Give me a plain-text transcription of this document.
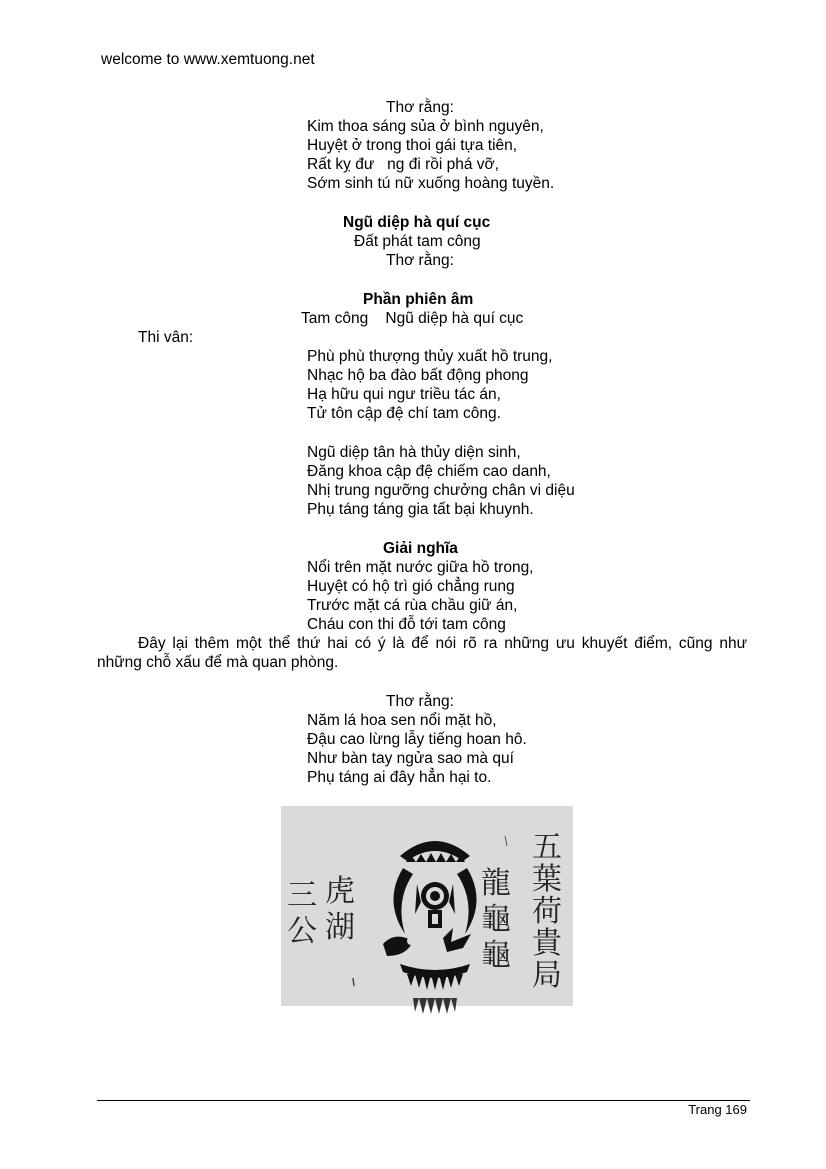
welcome to www.xemtuong.net
Thơ rằng:
Kim thoa sáng sủa ở bình nguyên,
Huyệt ở trong thoi gái tựa tiên,
Rất kỵ đư   ng đi rồi phá vỡ,
Sớm sinh tú nữ xuống hoàng tuyền.
Ngũ diệp hà quí cục
Đất phát tam công
Thơ rằng:
Phần phiên âm
Tam công    Ngũ diệp hà quí cục
Thi vân:
Phù phù thượng thủy xuất hồ trung,
Nhạc hộ ba đào bất động phong
Hạ hữu qui ngư triều tác án,
Tử tôn cập đệ chí tam công.
Ngũ diệp tân hà thủy diện sinh,
Đăng khoa cập đệ chiếm cao danh,
Nhị trung ngưỡng chưởng chân vi diệu
Phụ táng táng gia tất bại khuynh.
Giải nghĩa
Nổi trên mặt nước giữa hồ trong,
Huyệt có hộ trì gió chẳng rung
Trước mặt cá rùa chầu giữ án,
Cháu con thi đỗ tới tam công
Đây lại thêm một thể thứ hai có ý là để nói rõ ra những ưu khuyết điểm, cũng như những chỗ xấu để mà quan phòng.
Thơ rằng:
Năm lá hoa sen nổi mặt hồ,
Đậu cao lừng lẫy tiếng hoan hô.
Như bàn tay ngửa sao mà quí
Phụ táng ai đây hẳn hại to.
五葉荷貴局
龍龜龜
虎湖
三公
Trang 169
